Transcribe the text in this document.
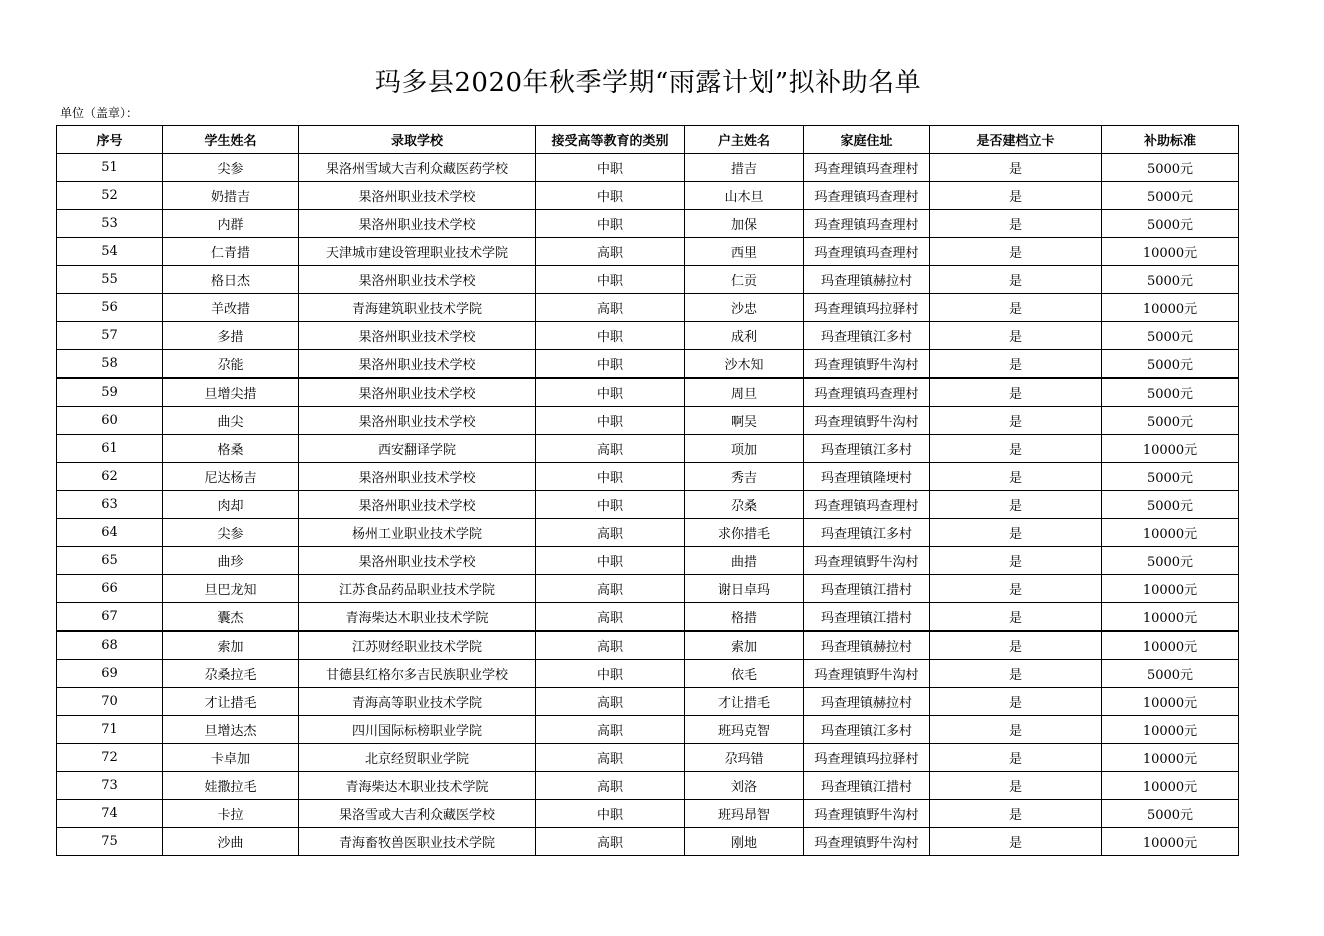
玛多县2020年秋季学期“雨露计划”拟补助名单
单位（盖章）：
序号	学生姓名	录取学校	接受高等教育的类别	户主姓名	家庭住址	是否建档立卡	补助标准
51	尖参	果洛州雪域大吉利众藏医药学校	中职	措吉	玛查理镇玛查理村	是	5000元
52	奶措吉	果洛州职业技术学校	中职	山木旦	玛查理镇玛查理村	是	5000元
53	内群	果洛州职业技术学校	中职	加保	玛查理镇玛查理村	是	5000元
54	仁青措	天津城市建设管理职业技术学院	高职	西里	玛查理镇玛查理村	是	10000元
55	格日杰	果洛州职业技术学校	中职	仁贡	玛查理镇赫拉村	是	5000元
56	羊改措	青海建筑职业技术学院	高职	沙忠	玛查理镇玛拉驿村	是	10000元
57	多措	果洛州职业技术学校	中职	成利	玛查理镇江多村	是	5000元
58	尕能	果洛州职业技术学校	中职	沙木知	玛查理镇野牛沟村	是	5000元
59	旦增尖措	果洛州职业技术学校	中职	周旦	玛查理镇玛查理村	是	5000元
60	曲尖	果洛州职业技术学校	中职	啊吴	玛查理镇野牛沟村	是	5000元
61	格桑	西安翻译学院	高职	项加	玛查理镇江多村	是	10000元
62	尼达杨吉	果洛州职业技术学校	中职	秀吉	玛查理镇隆埂村	是	5000元
63	肉却	果洛州职业技术学校	中职	尕桑	玛查理镇玛查理村	是	5000元
64	尖参	杨州工业职业技术学院	高职	求你措毛	玛查理镇江多村	是	10000元
65	曲珍	果洛州职业技术学校	中职	曲措	玛查理镇野牛沟村	是	5000元
66	旦巴龙知	江苏食品药品职业技术学院	高职	谢日卓玛	玛查理镇江措村	是	10000元
67	囊杰	青海柴达木职业技术学院	高职	格措	玛查理镇江措村	是	10000元
68	索加	江苏财经职业技术学院	高职	索加	玛查理镇赫拉村	是	10000元
69	尕桑拉毛	甘德县红格尔多吉民族职业学校	中职	依毛	玛查理镇野牛沟村	是	5000元
70	才让措毛	青海高等职业技术学院	高职	才让措毛	玛查理镇赫拉村	是	10000元
71	旦增达杰	四川国际标榜职业学院	高职	班玛克智	玛查理镇江多村	是	10000元
72	卡卓加	北京经贸职业学院	高职	尕玛错	玛查理镇玛拉驿村	是	10000元
73	娃撒拉毛	青海柴达木职业技术学院	高职	刘洛	玛查理镇江措村	是	10000元
74	卡拉	果洛雪或大吉利众藏医学校	中职	班玛昂智	玛查理镇野牛沟村	是	5000元
75	沙曲	青海畜牧兽医职业技术学院	高职	刚地	玛查理镇野牛沟村	是	10000元
